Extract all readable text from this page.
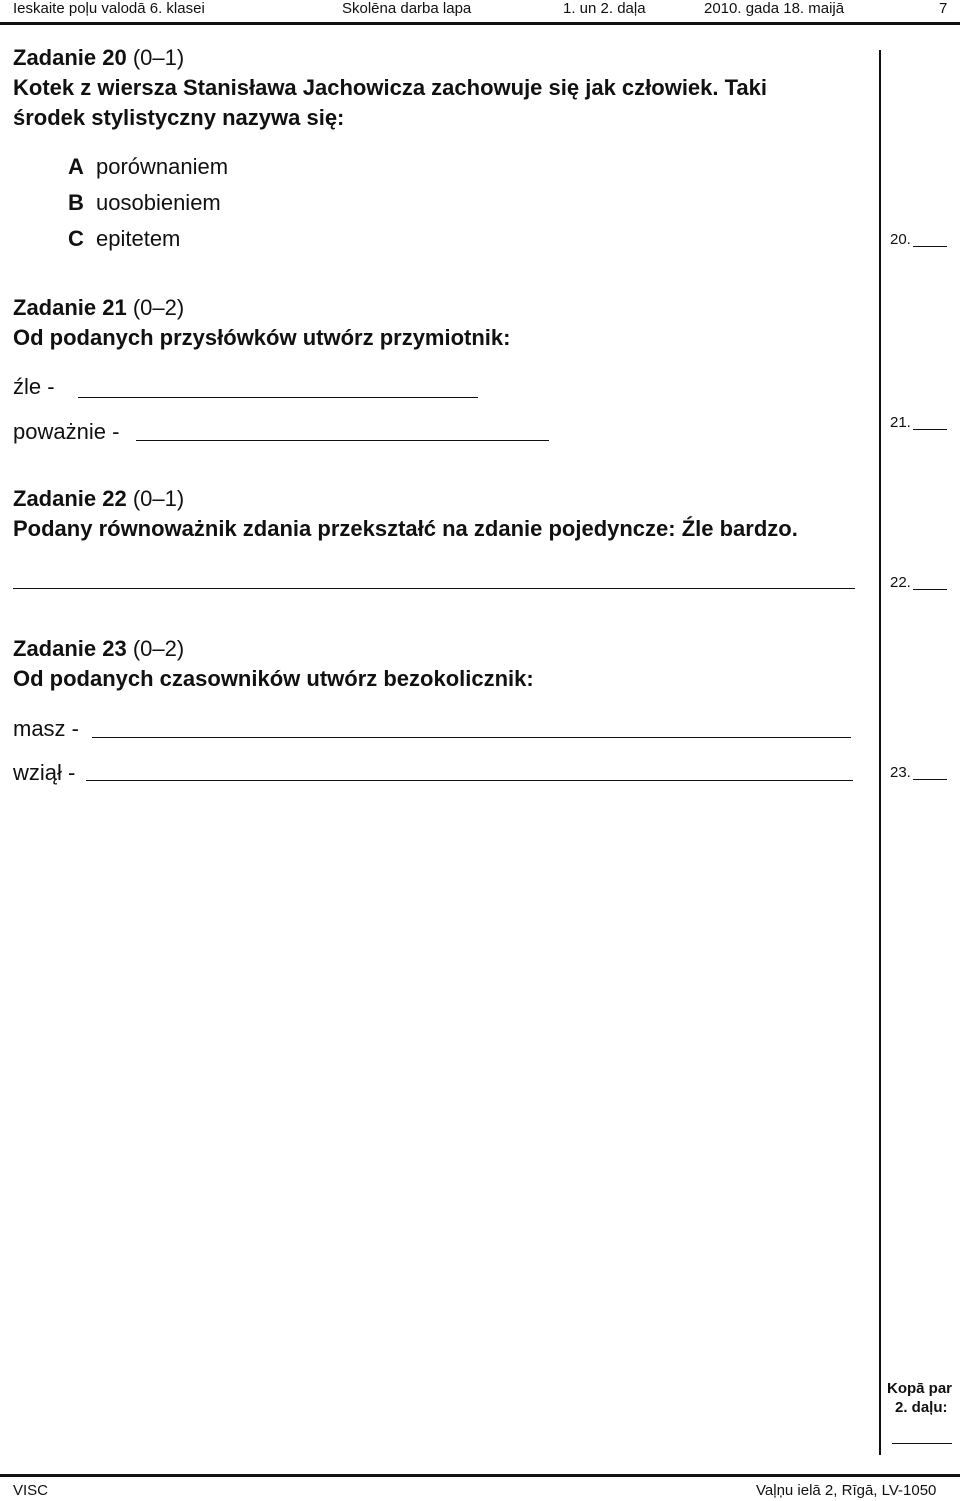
Ieskaite poļu valodā 6. klasei	Skolēna darba lapa	1. un 2. daļa	2010. gada 18. maijā	7
Zadanie 20 (0–1)
Kotek z wiersza Stanisława Jachowicza zachowuje się jak człowiek. Taki
środek stylistyczny nazywa się:
A porównaniem
B uosobieniem
C epitetem	20.
Zadanie 21 (0–2)
Od podanych przysłówków utwórz przymiotnik:
źle -
poważnie -	21.
Zadanie 22 (0–1)
Podany równoważnik zdania przekształć na zdanie pojedyncze: Źle bardzo.
22.
Zadanie 23 (0–2)
Od podanych czasowników utwórz bezokolicznik:
masz -
wziął -	23.
Kopā par
2. daļu:
VISC	Vaļņu ielā 2, Rīgā, LV-1050
